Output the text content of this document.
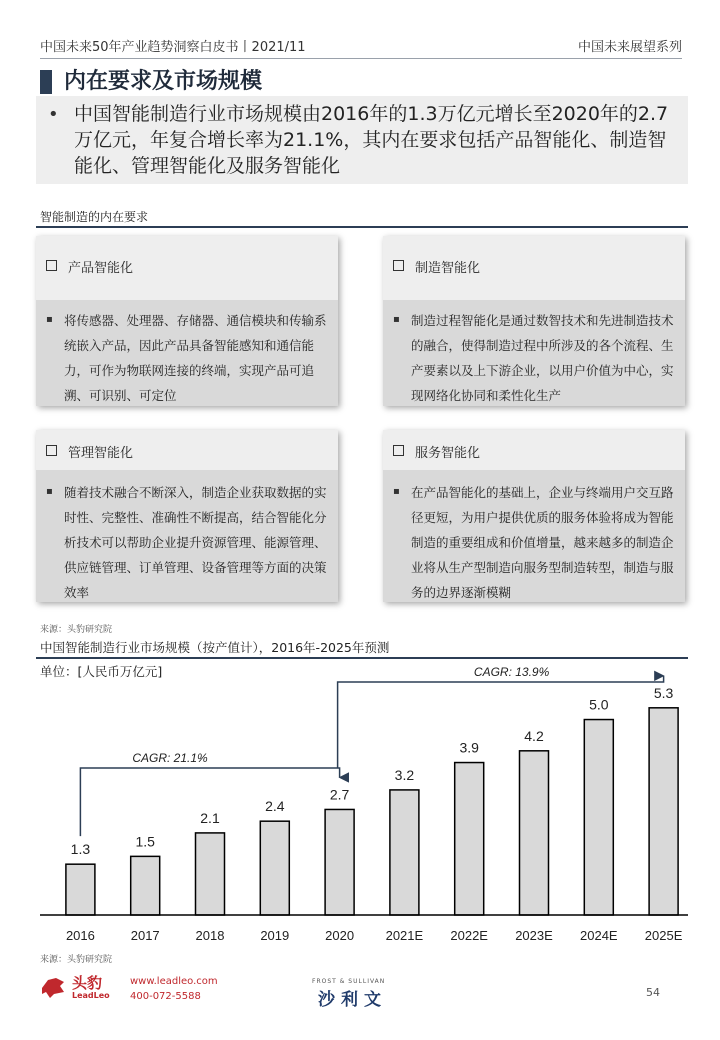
中国未来50年产业趋势洞察白皮书丨2021/11	中国未来展望系列
内在要求及市场规模
• 中国智能制造行业市场规模由2016年的1.3万亿元增长至2020年的2.7万亿元，年复合增长率为21.1%，其内在要求包括产品智能化、制造智能化、管理智能化及服务智能化
智能制造的内在要求
产品智能化
▪ 将传感器、处理器、存储器、通信模块和传输系统嵌入产品，因此产品具备智能感知和通信能力，可作为物联网连接的终端，实现产品可追溯、可识别、可定位
制造智能化
▪ 制造过程智能化是通过数智技术和先进制造技术的融合，使得制造过程中所涉及的各个流程、生产要素以及上下游企业，以用户价值为中心，实现网络化协同和柔性化生产
管理智能化
▪ 随着技术融合不断深入，制造企业获取数据的实时性、完整性、准确性不断提高，结合智能化分析技术可以帮助企业提升资源管理、能源管理、供应链管理、订单管理、设备管理等方面的决策效率
服务智能化
▪ 在产品智能化的基础上，企业与终端用户交互路径更短，为用户提供优质的服务体验将成为智能制造的重要组成和价值增量，越来越多的制造企业将从生产型制造向服务型制造转型，制造与服务的边界逐渐模糊
来源：头豹研究院
中国智能制造行业市场规模（按产值计），2016年-2025年预测
单位：[人民币万亿元]
1.3
2016
1.5
2017
2.1
2018
2.4
2019
2.7
2020
3.2
2021E
3.9
2022E
4.2
2023E
5.0
2024E
5.3
2025E
CAGR: 21.1%
CAGR: 13.9%
来源：头豹研究院
头豹
LeadLeo
www.leadleo.com
400-072-5588
FROST & SULLIVAN
沙利文	54
